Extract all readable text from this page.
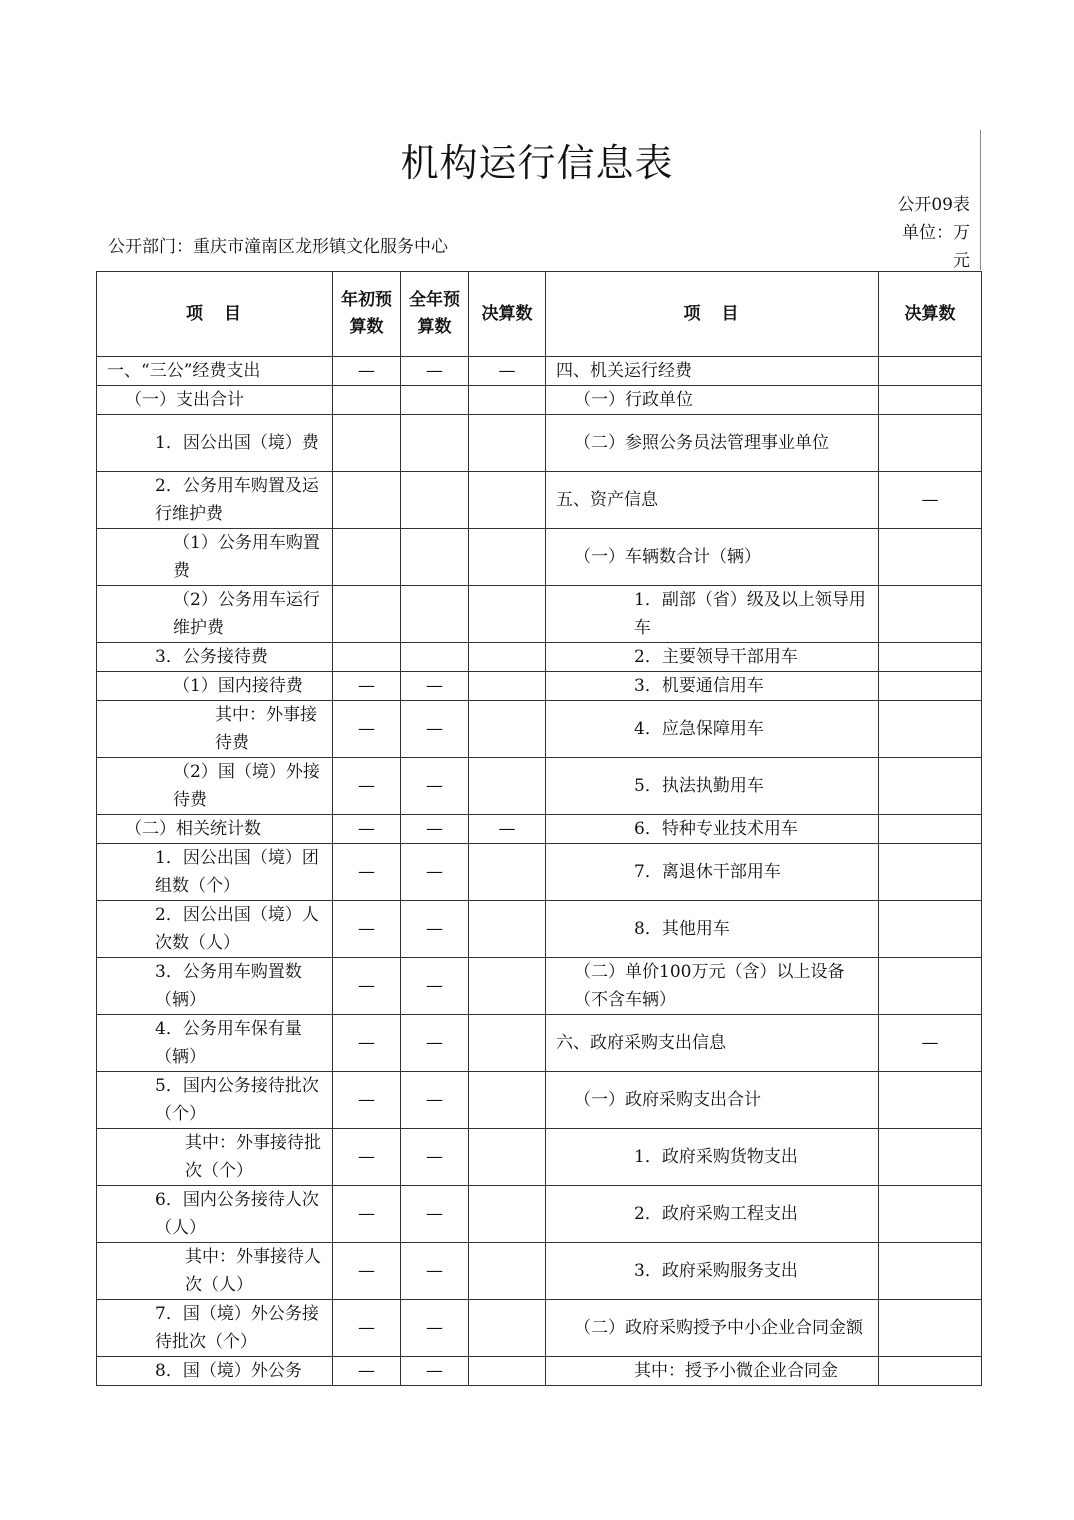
机构运行信息表
公开09表
单位：万
元
公开部门：重庆市潼南区龙形镇文化服务中心
项　目	年初预算数	全年预算数	决算数	项　目	决算数
一、“三公”经费支出	—	—	—	四、机关运行经费	
（一）支出合计				（一）行政单位	
1．因公出国（境）费				（二）参照公务员法管理事业单位	
2．公务用车购置及运行维护费				五、资产信息	—
（1）公务用车购置费				（一）车辆数合计（辆）	
（2）公务用车运行维护费				1．副部（省）级及以上领导用车	
3．公务接待费				2．主要领导干部用车	
（1）国内接待费	—	—		3．机要通信用车	
其中：外事接待费	—	—		4．应急保障用车	
（2）国（境）外接待费	—	—		5．执法执勤用车	
（二）相关统计数	—	—	—	6．特种专业技术用车	
1．因公出国（境）团组数（个）	—	—		7．离退休干部用车	
2．因公出国（境）人次数（人）	—	—		8．其他用车	
3．公务用车购置数（辆）	—	—		（二）单价100万元（含）以上设备（不含车辆）	
4．公务用车保有量（辆）	—	—		六、政府采购支出信息	—
5．国内公务接待批次（个）	—	—		（一）政府采购支出合计	
其中：外事接待批次（个）	—	—		1．政府采购货物支出	
6．国内公务接待人次（人）	—	—		2．政府采购工程支出	
其中：外事接待人次（人）	—	—		3．政府采购服务支出	
7．国（境）外公务接待批次（个）	—	—		（二）政府采购授予中小企业合同金额	
8．国（境）外公务	—	—		其中：授予小微企业合同金	
